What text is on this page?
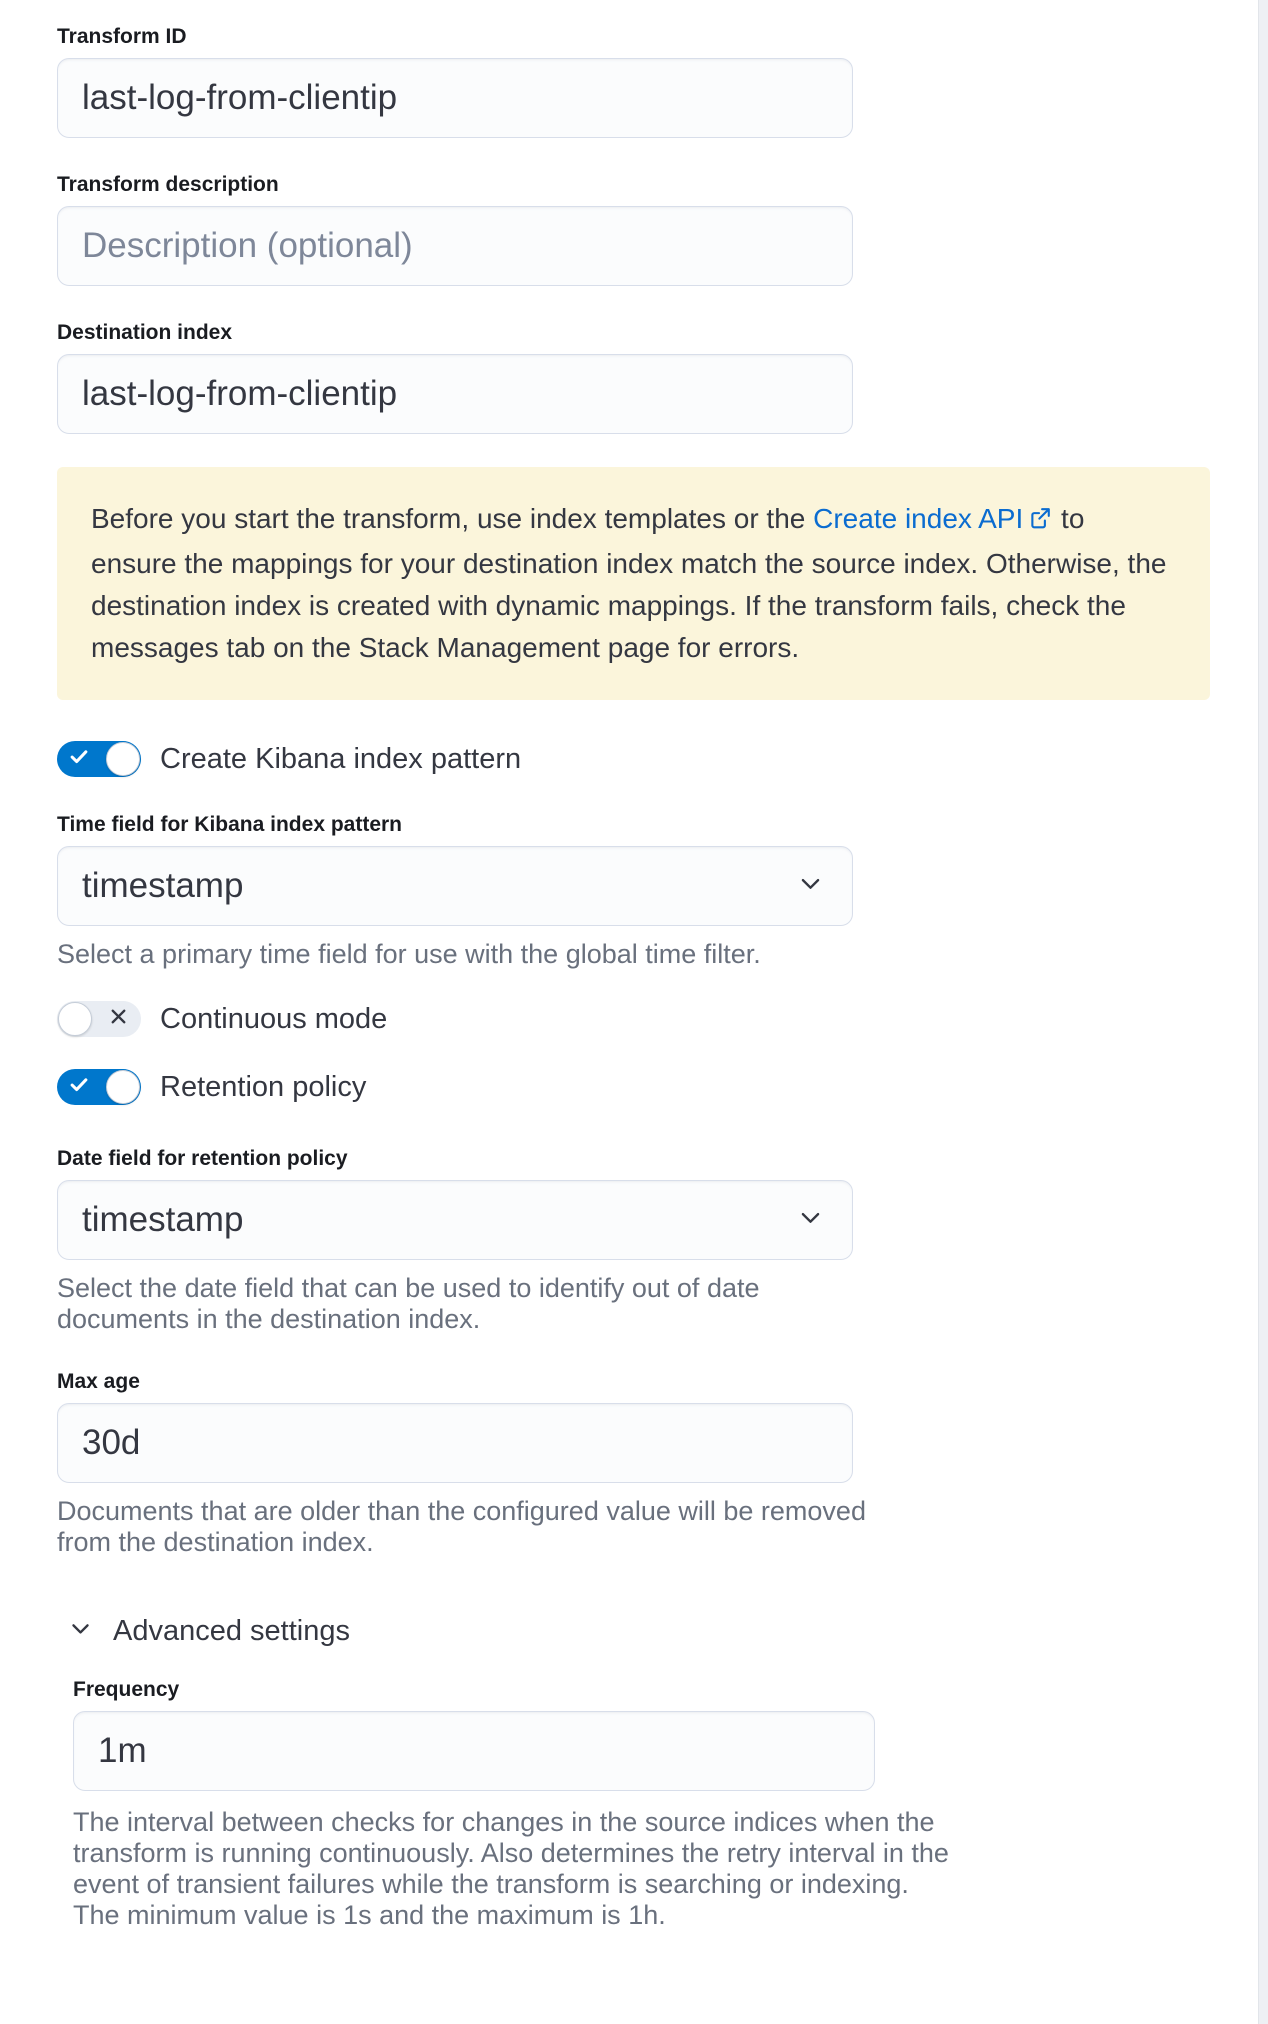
Transform ID
last-log-from-clientip
Transform description
Description (optional)
Destination index
last-log-from-clientip

Before you start the transform, use index templates or the Create index API to ensure the mappings for your destination index match the source index. Otherwise, the destination index is created with dynamic mappings. If the transform fails, check the messages tab on the Stack Management page for errors.

Create Kibana index pattern
Time field for Kibana index pattern
timestamp
Select a primary time field for use with the global time filter.
Continuous mode
Retention policy
Date field for retention policy
timestamp
Select the date field that can be used to identify out of date documents in the destination index.
Max age
30d
Documents that are older than the configured value will be removed from the destination index.
Advanced settings
Frequency
1m
The interval between checks for changes in the source indices when the transform is running continuously. Also determines the retry interval in the event of transient failures while the transform is searching or indexing. The minimum value is 1s and the maximum is 1h.
